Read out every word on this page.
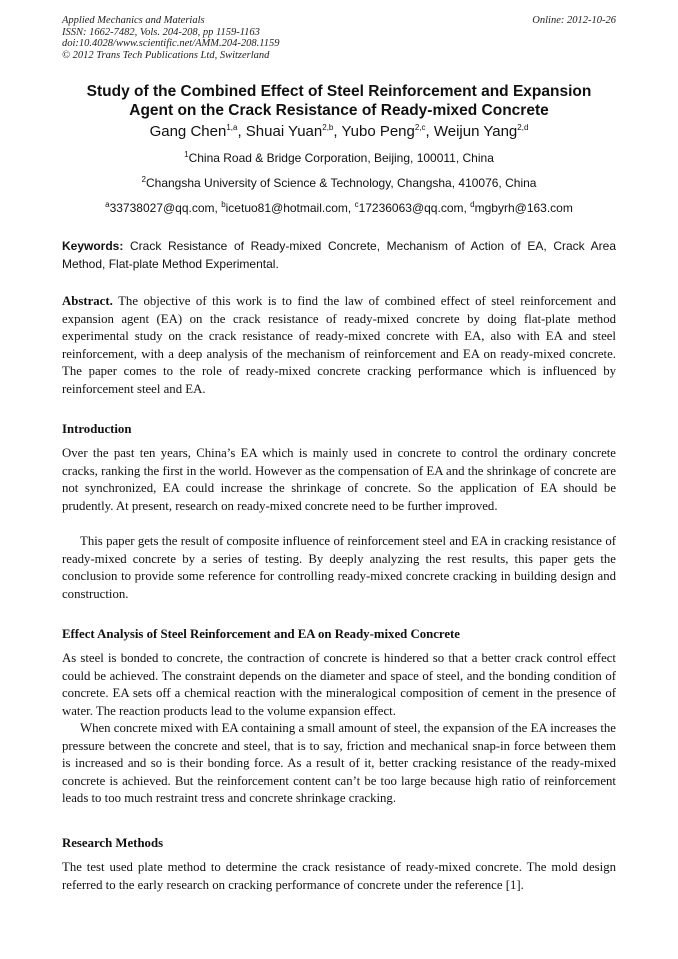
Applied Mechanics and Materials
ISSN: 1662-7482, Vols. 204-208, pp 1159-1163
doi:10.4028/www.scientific.net/AMM.204-208.1159
© 2012 Trans Tech Publications Ltd, Switzerland
Online: 2012-10-26
Study of the Combined Effect of Steel Reinforcement and Expansion
Agent on the Crack Resistance of Ready-mixed Concrete
Gang Chen$^{1,a}$, Shuai Yuan$^{2,b}$, Yubo Peng$^{2,c}$, Weijun Yang$^{2,d}$
$^1$China Road & Bridge Corporation, Beijing, 100011, China
$^2$Changsha University of Science & Technology, Changsha, 410076, China
$^a$33738027@qq.com, $^b$icetuo81@hotmail.com, $^c$17236063@qq.com, $^d$mgbyrh@163.com
Keywords: Crack Resistance of Ready-mixed Concrete, Mechanism of Action of EA, Crack Area Method, Flat-plate Method Experimental.
Abstract. The objective of this work is to find the law of combined effect of steel reinforcement and expansion agent (EA) on the crack resistance of ready-mixed concrete by doing flat-plate method experimental study on the crack resistance of ready-mixed concrete with EA, also with EA and steel reinforcement, with a deep analysis of the mechanism of reinforcement and EA on ready-mixed concrete. The paper comes to the role of ready-mixed concrete cracking performance which is influenced by reinforcement steel and EA.
Introduction
Over the past ten years, China’s EA which is mainly used in concrete to control the ordinary concrete cracks, ranking the first in the world. However as the compensation of EA and the shrinkage of concrete are not synchronized, EA could increase the shrinkage of concrete. So the application of EA should be prudently. At present, research on ready-mixed concrete need to be further improved.
This paper gets the result of composite influence of reinforcement steel and EA in cracking resistance of ready-mixed concrete by a series of testing. By deeply analyzing the rest results, this paper gets the conclusion to provide some reference for controlling ready-mixed concrete cracking in building design and construction.
Effect Analysis of Steel Reinforcement and EA on Ready-mixed Concrete
As steel is bonded to concrete, the contraction of concrete is hindered so that a better crack control effect could be achieved. The constraint depends on the diameter and space of steel, and the bonding condition of concrete. EA sets off a chemical reaction with the mineralogical composition of cement in the presence of water. The reaction products lead to the volume expansion effect.
When concrete mixed with EA containing a small amount of steel, the expansion of the EA increases the pressure between the concrete and steel, that is to say, friction and mechanical snap-in force between them is increased and so is their bonding force. As a result of it, better cracking resistance of the ready-mixed concrete is achieved. But the reinforcement content can’t be too large because high ratio of reinforcement leads to too much restraint tress and concrete shrinkage cracking.
Research Methods
The test used plate method to determine the crack resistance of ready-mixed concrete. The mold design referred to the early research on cracking performance of concrete under the reference [1].
